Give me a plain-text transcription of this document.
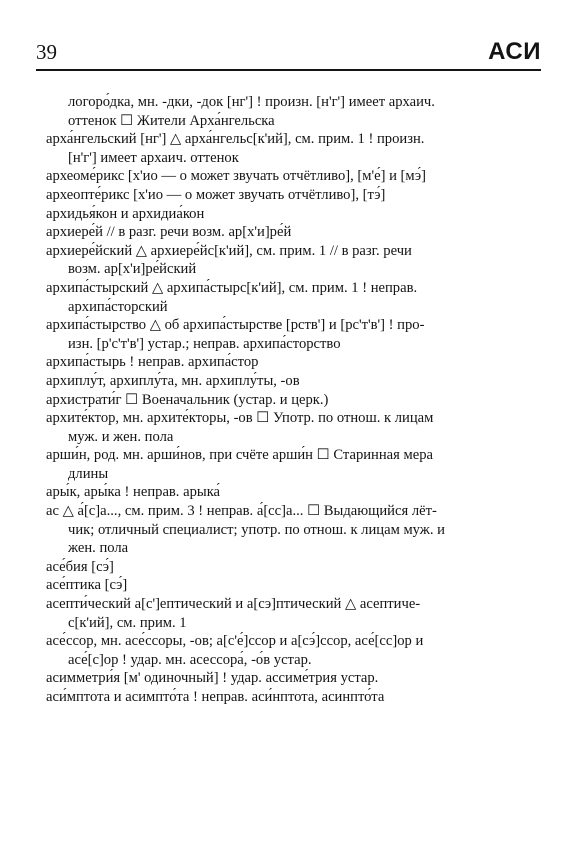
39	АСИ
логоро́дка, мн. -дки, -док [нг'] ! произн. [н'г'] имеет архаич.
оттенок ☐ Жители Арха́нгельска
арха́нгельский [нг'] △ арха́нгельс[к'ий], см. прим. 1 ! произн.
[н'г'] имеет архаич. оттенок
археоме́рикс [х'ио — о может звучать отчётливо], [м'е́] и [мэ́]
археопте́рикс [х'ио — о может звучать отчётливо], [тэ́]
архидья́кон и архидиа́кон
архиере́й // в разг. речи возм. ар[х'и]ре́й
архиере́йский △ архиере́йс[к'ий], см. прим. 1 // в разг. речи
возм. ар[х'и]ре́йский
архипа́стырский △ архипа́стырс[к'ий], см. прим. 1 ! неправ.
архипа́сторский
архипа́стырство △ об архипа́стырстве [рств'] и [рс'т'в'] ! про-
изн. [р'с'т'в'] устар.; неправ. архипа́сторство
архипа́стырь ! неправ. архипа́стор
архиплу́т, архиплу́та, мн. архиплу́ты, -ов
архистрати́г ☐ Военачальник (устар. и церк.)
архите́ктор, мн. архите́кторы, -ов ☐ Употр. по отнош. к лицам
муж. и жен. пола
арши́н, род. мн. арши́нов, при счёте арши́н ☐ Старинная мера
длины
ары́к, ары́ка ! неправ. арыка́
ас △ а́[с]а..., см. прим. 3 ! неправ. а́[сс]а... ☐ Выдающийся лёт-
чик; отличный специалист; употр. по отнош. к лицам муж. и
жен. пола
асе́бия [сэ́]
асе́птика [сэ́]
асепти́ческий а[с']ептический и а[сэ]птический △ асептиче-
с[к'ий], см. прим. 1
асе́ссор, мн. асе́ссоры, -ов; а[с'е́]ссор и а[сэ́]ссор, асе́[сс]ор и
асе́[с]ор ! удар. мн. асессора́, -о́в устар.
асимметри́я [м' одиночный] ! удар. ассиме́трия устар.
аси́мптота и асимпто́та ! неправ. аси́нптота, асинпто́та
